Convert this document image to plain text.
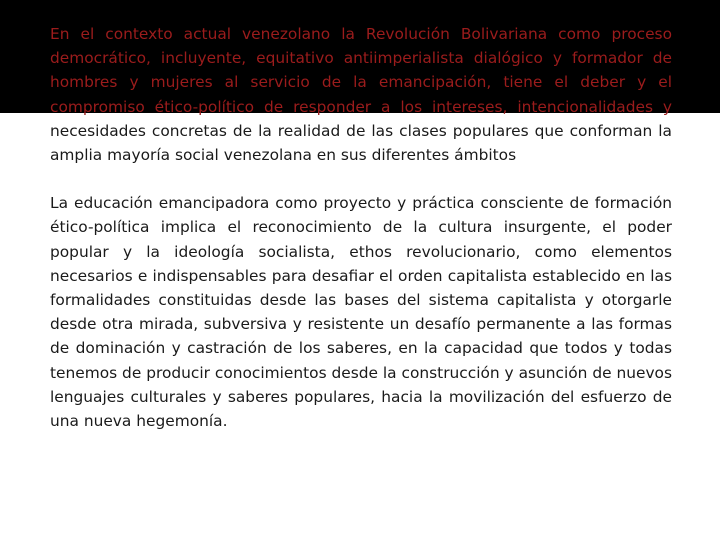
En el contexto actual venezolano la Revolución Bolivariana como proceso democrático, incluyente, equitativo antiimperialista dialógico y formador de hombres y mujeres al servicio de la emancipación, tiene el deber y el compromiso ético-político de responder a los intereses, intencionalidades y necesidades concretas de la realidad de las clases populares que conforman la amplia mayoría social venezolana en sus diferentes ámbitos

La educación emancipadora como proyecto y práctica consciente de formación ético-política implica el reconocimiento de la cultura insurgente, el poder popular y la ideología socialista, ethos revolucionario, como elementos necesarios e indispensables para desafiar el orden capitalista establecido en las formalidades constituidas desde las bases del sistema capitalista y otorgarle desde otra mirada, subversiva y resistente un desafío permanente a las formas de dominación y castración de los saberes, en la capacidad que todos y todas tenemos de producir conocimientos desde la construcción y asunción de nuevos lenguajes culturales y saberes populares, hacia la movilización del esfuerzo de una nueva hegemonía.
